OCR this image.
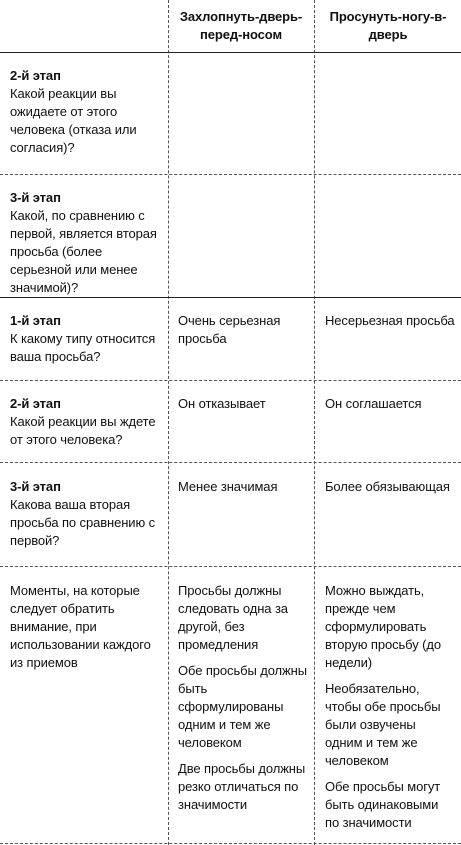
Захлопнуть-дверь-перед-носом
Просунуть-ногу-в-дверь
2-й этап
Какой реакции вы ожидаете от этого человека (отказа или согласия)?
3-й этап
Какой, по сравнению с первой, является вторая просьба (более серьезной или менее значимой)?
1-й этап
К какому типу относится ваша просьба?
Очень серьезная просьба
Несерьезная просьба
2-й этап
Какой реакции вы ждете от этого человека?
Он отказывает	Он соглашается
3-й этап
Какова ваша вторая просьба по сравнению с первой?
Менее значимая	Более обязывающая
Моменты, на которые следует обратить внимание, при использовании каждого из приемов
Просьбы должны следовать одна за другой, без промедления
Обе просьбы должны быть сформулированы одним и тем же человеком
Две просьбы должны резко отличаться по значимости
Можно выждать, прежде чем сформулировать вторую просьбу (до недели)
Необязательно, чтобы обе просьбы были озвучены одним и тем же человеком
Обе просьбы могут быть одинаковыми по значимости
